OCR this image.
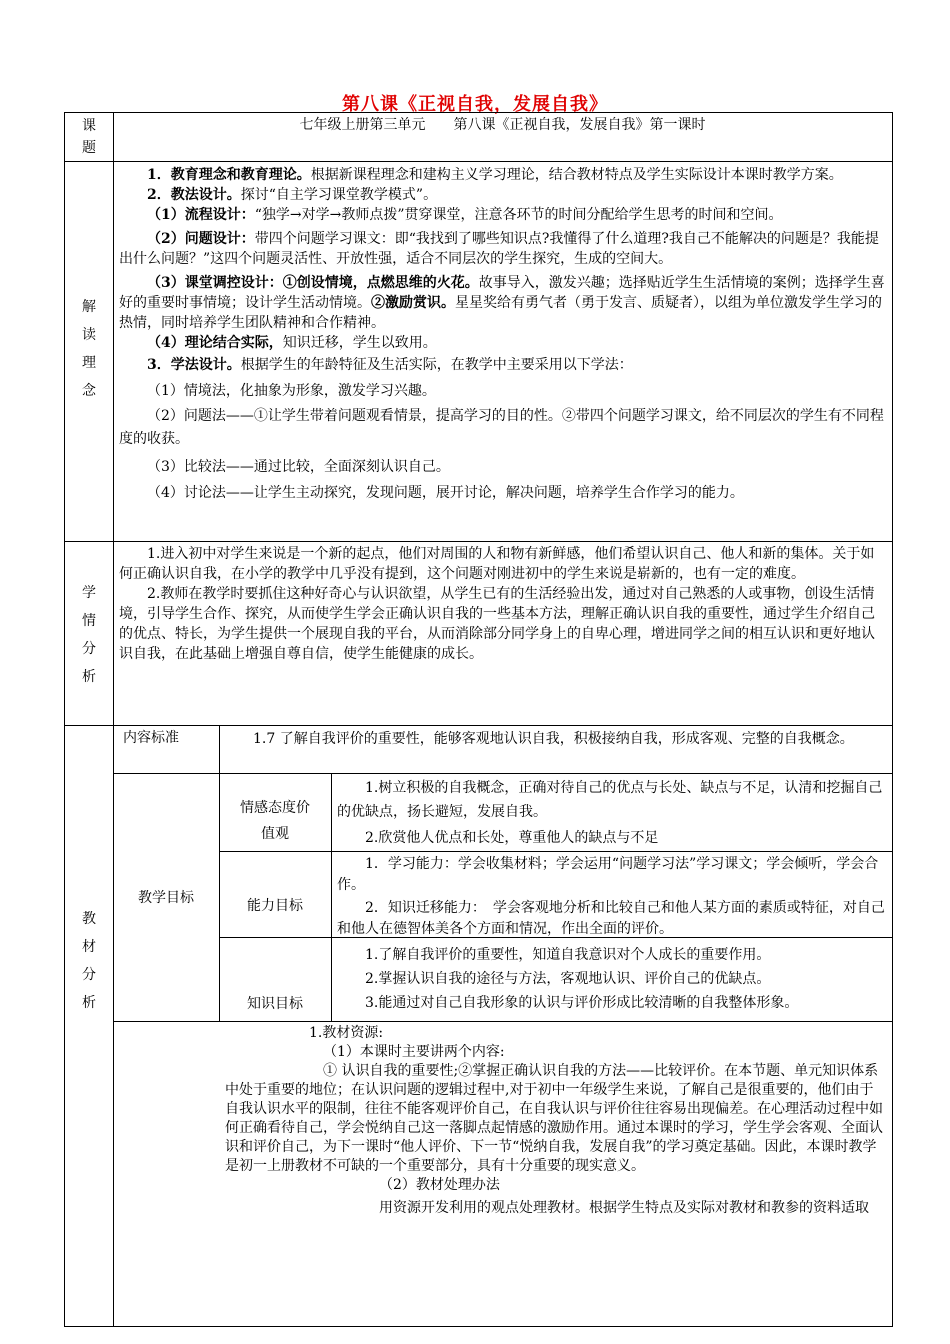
第八课《正视自我，发展自我》
课
题
七年级上册第三单元　　第八课《正视自我，发展自我》第一课时
解
读
理
念

1．教育理念和教育理论。根据新课程理念和建构主义学习理论，结合教材特点及学生实际设计本课时教学方案。

2．教法设计。探讨“自主学习课堂教学模式”。

（1）流程设计：“独学→对学→教师点拨”贯穿课堂，注意各环节的时间分配给学生思考的时间和空间。

（2）问题设计：带四个问题学习课文：即“我找到了哪些知识点?我懂得了什么道理?我自己不能解决的问题是？我能提出什么问题？”这四个问题灵活性、开放性强，适合不同层次的学生探究，生成的空间大。

（3）课堂调控设计：①创设情境，点燃思维的火花。故事导入，激发兴趣；选择贴近学生生活情境的案例；选择学生喜好的重要时事情境；设计学生活动情境。②激励赏识。星星奖给有勇气者（勇于发言、质疑者），以组为单位激发学生学习的热情，同时培养学生团队精神和合作精神。

（4）理论结合实际，知识迁移，学生以致用。

3．学法设计。根据学生的年龄特征及生活实际，在教学中主要采用以下学法：

（1）情境法，化抽象为形象，激发学习兴趣。

（2）问题法——①让学生带着问题观看情景，提高学习的目的性。②带四个问题学习课文，给不同层次的学生有不同程度的收获。

（3）比较法——通过比较，全面深刻认识自己。

（4）讨论法——让学生主动探究，发现问题，展开讨论，解决问题，培养学生合作学习的能力。

学
情
分
析

1.进入初中对学生来说是一个新的起点，他们对周围的人和物有新鲜感，他们希望认识自己、他人和新的集体。关于如何正确认识自我，在小学的教学中几乎没有提到，这个问题对刚进初中的学生来说是崭新的，也有一定的难度。

2.教师在教学时要抓住这种好奇心与认识欲望，从学生已有的生活经验出发，通过对自己熟悉的人或事物，创设生活情境，引导学生合作、探究，从而使学生学会正确认识自我的一些基本方法，理解正确认识自我的重要性，通过学生介绍自己的优点、特长，为学生提供一个展现自我的平台，从而消除部分同学身上的自卑心理，增进同学之间的相互认识和更好地认识自我，在此基础上增强自尊自信，使学生能健康的成长。

教
材
分
析
内容标准	1.7 了解自我评价的重要性，能够客观地认识自我，积极接纳自我，形成客观、完整的自我概念。

教学目标
情感态度价
值观

1.树立积极的自我概念，正确对待自己的优点与长处、缺点与不足，认清和挖掘自己的优缺点，扬长避短，发展自我。

2.欣赏他人优点和长处，尊重他人的缺点与不足

能力目标

1．学习能力：学会收集材料；学会运用“问题学习法”学习课文；学会倾听，学会合作。

2．知识迁移能力：　学会客观地分析和比较自己和他人某方面的素质或特征，对自己和他人在德智体美各个方面和情况，作出全面的评价。

知识目标

1.了解自我评价的重要性，知道自我意识对个人成长的重要作用。

2.掌握认识自我的途径与方法，客观地认识、评价自己的优缺点。

3.能通过对自己自我形象的认识与评价形成比较清晰的自我整体形象。

1.教材资源:

（1）本课时主要讲两个内容:

① 认识自我的重要性;②掌握正确认识自我的方法——比较评价。在本节题、单元知识体系中处于重要的地位；在认识问题的逻辑过程中,对于初中一年级学生来说，了解自己是很重要的，他们由于自我认识水平的限制，往往不能客观评价自己，在自我认识与评价往往容易出现偏差。在心理活动过程中如何正确看待自己，学会悦纳自己这一落脚点起情感的激励作用。通过本课时的学习，学生学会客观、全面认识和评价自己，为下一课时“他人评价、下一节“悦纳自我，发展自我”的学习奠定基础。因此，本课时教学是初一上册教材不可缺的一个重要部分，具有十分重要的现实意义。

（2）教材处理办法

用资源开发利用的观点处理教材。根据学生特点及实际对教材和教参的资料适取
